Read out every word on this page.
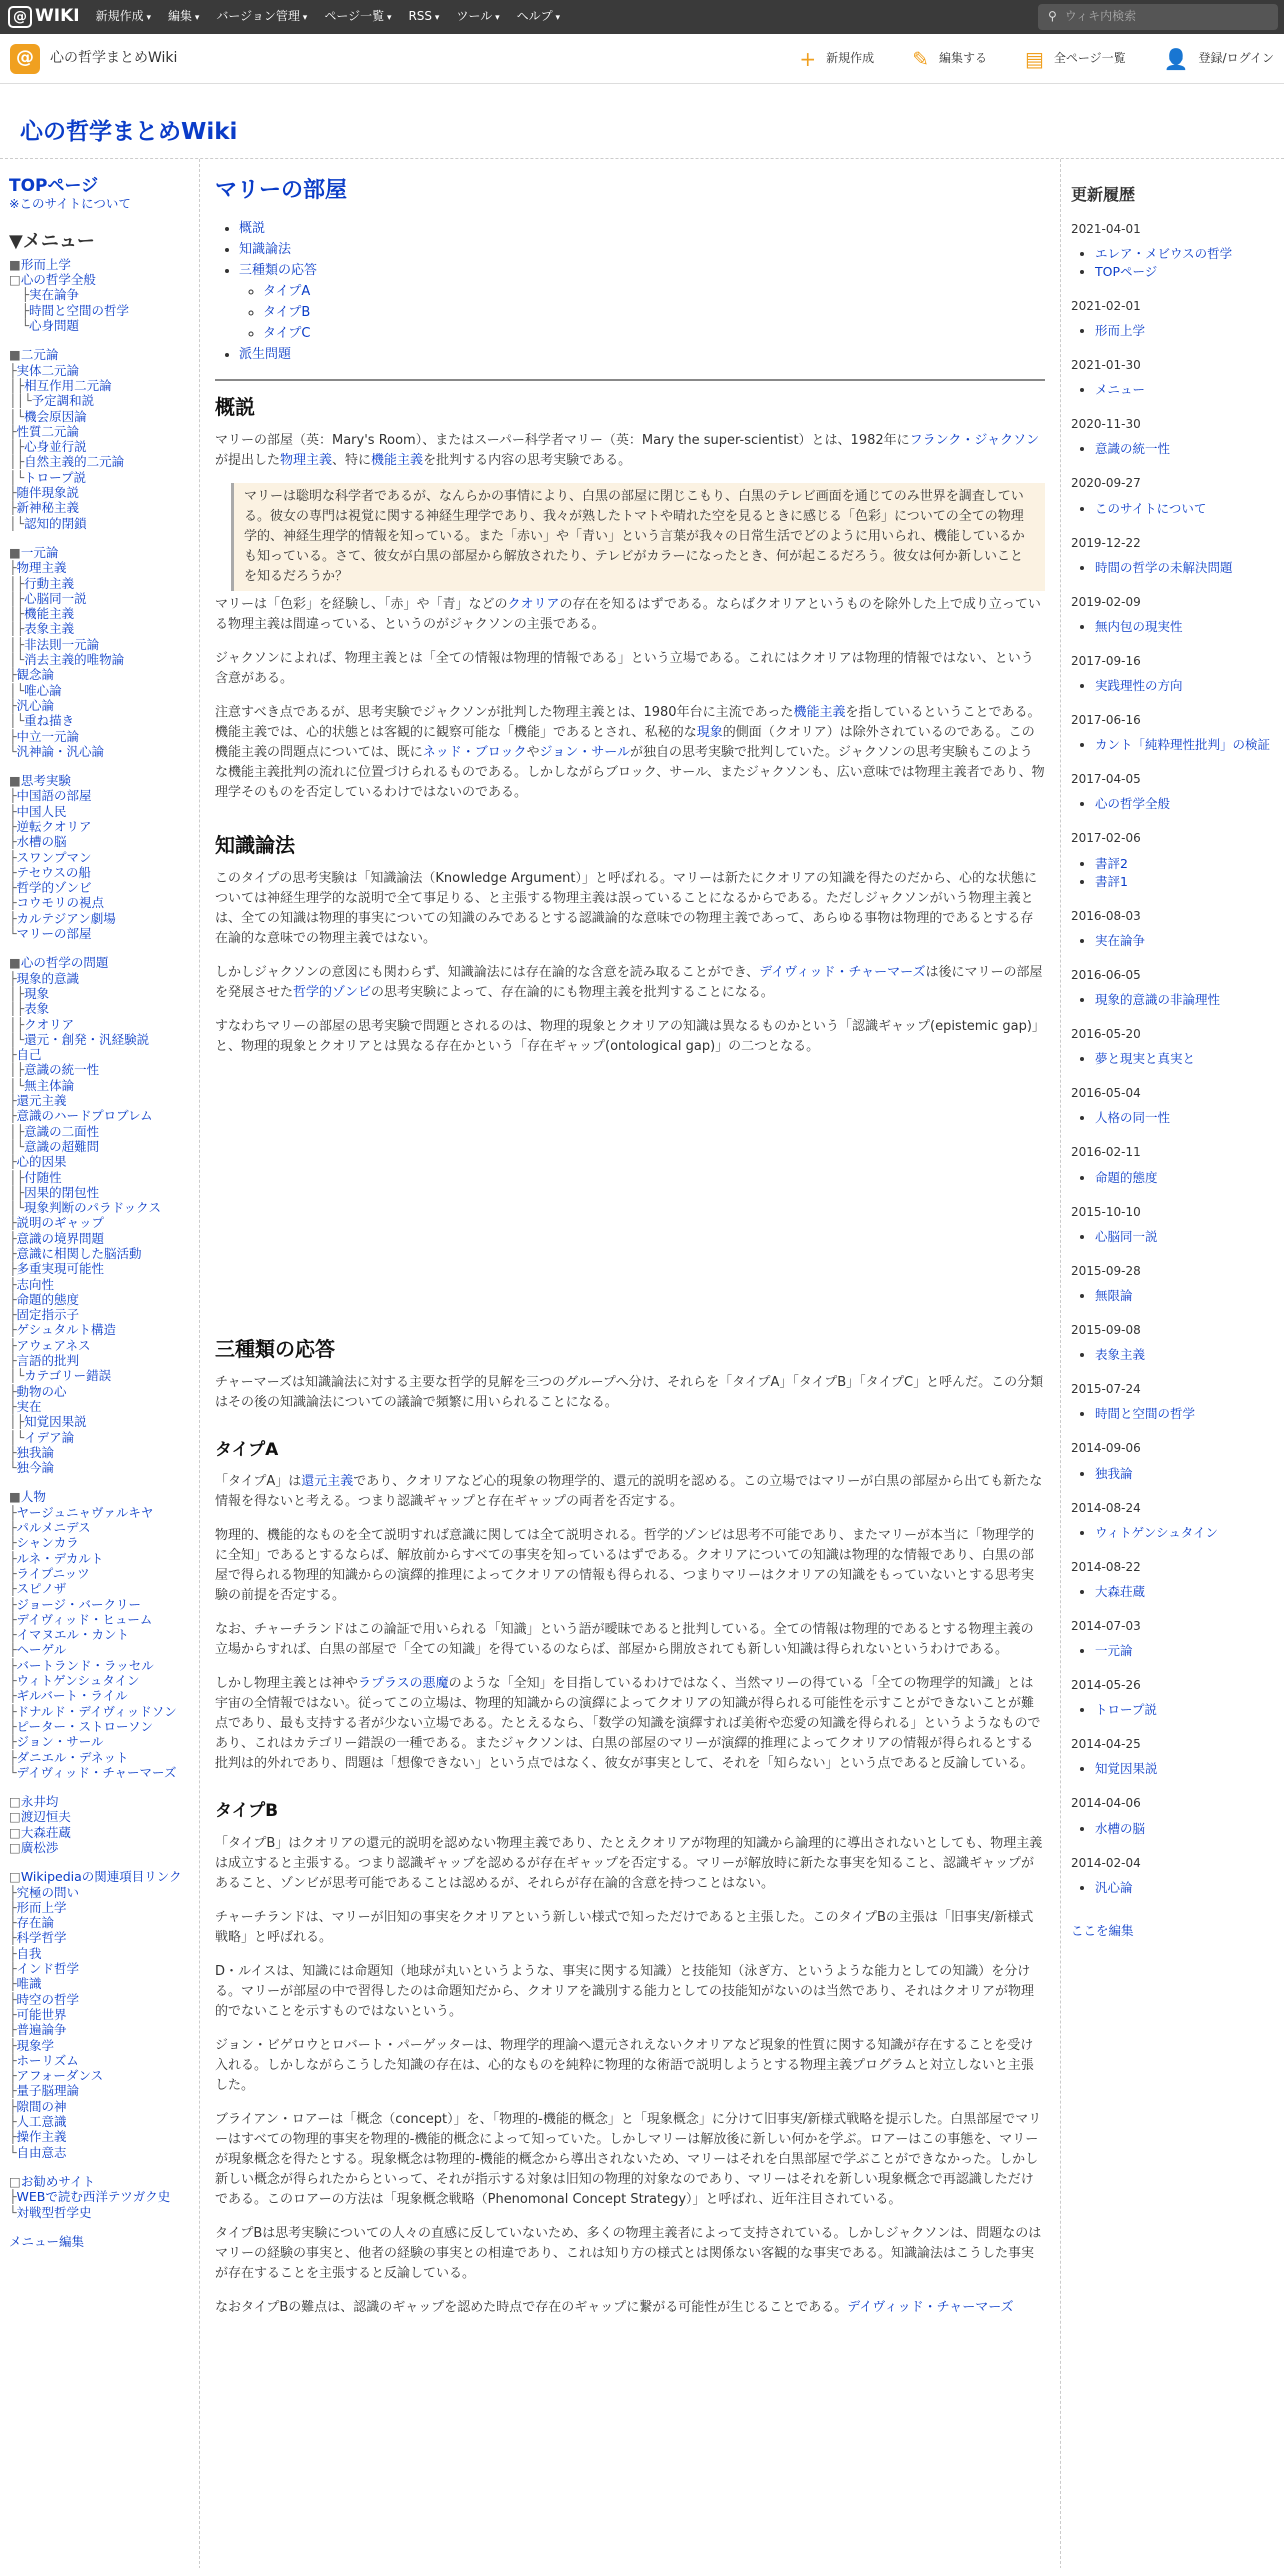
@ WIKI 新規作成 ▾	編集 ▾	バージョン管理 ▾	ページ一覧 ▾	RSS ▾	ツール ▾	ヘルプ ▾	⚲ ウィキ内検索
@	心の哲学まとめWiki	+ 新規作成 ✎ 編集する ▤ 全ページ一覧 👤 登録/ログイン
心の哲学まとめWiki
TOPページ
※このサイトについて
▼メニュー
■形而上学
□心の哲学全般
　├実在論争
　├時間と空間の哲学
　└心身問題
■二元論
├実体二元論
│├相互作用二元論
││└予定調和説
│└機会原因論
├性質二元論
│├心身並行説
│├自然主義的二元論
│└トロープ説
├随伴現象説
├新神秘主義
│└認知的閉鎖
■一元論
├物理主義
│├行動主義
│├心脳同一説
│├機能主義
│├表象主義
│├非法則一元論
│└消去主義的唯物論
├観念論
│└唯心論
├汎心論
│└重ね描き
├中立一元論
└汎神論・汎心論
■思考実験
├中国語の部屋
├中国人民
├逆転クオリア
├水槽の脳
├スワンプマン
├テセウスの船
├哲学的ゾンビ
├コウモリの視点
├カルテジアン劇場
└マリーの部屋
■心の哲学の問題
├現象的意識
│├現象
│├表象
│├クオリア
│└還元・創発・汎経験説
├自己
│├意識の統一性
│└無主体論
├還元主義
├意識のハードプロブレム
│├意識の二面性
│└意識の超難問
├心的因果
│├付随性
│├因果的閉包性
│└現象判断のパラドックス
├説明のギャップ
├意識の境界問題
├意識に相関した脳活動
├多重実現可能性
├志向性
├命題的態度
├固定指示子
├ゲシュタルト構造
├アウェアネス
├言語的批判
│└カテゴリー錯誤
├動物の心
├実在
│├知覚因果説
│└イデア論
├独我論
└独今論
■人物
├ヤージュニャヴァルキヤ
├パルメニデス
├シャンカラ
├ルネ・デカルト
├ライプニッツ
├スピノザ
├ジョージ・バークリー
├デイヴィッド・ヒューム
├イマヌエル・カント
├ヘーゲル
├バートランド・ラッセル
├ウィトゲンシュタイン
├ギルバート・ライル
├ドナルド・デイヴィッドソン
├ピーター・ストローソン
├ジョン・サール
├ダニエル・デネット
└デイヴィッド・チャーマーズ
□永井均
□渡辺恒夫
□大森荘蔵
□廣松渉
□Wikipediaの関連項目リンク
├究極の問い
├形而上学
├存在論
├科学哲学
├自我
├インド哲学
├唯識
├時空の哲学
├可能世界
├普遍論争
├現象学
├ホーリズム
├アフォーダンス
├量子脳理論
├隙間の神
├人工意識
├操作主義
└自由意志
□お勧めサイト
├WEBで読む西洋テツガク史
└対戦型哲学史
メニュー編集
マリーの部屋
• 概説
• 知識論法
• 三種類の応答
◦ タイプA
◦ タイプB
◦ タイプC
• 派生問題
概説

マリーの部屋（英：Mary's Room）、またはスーパー科学者マリー（英：Mary the super-scientist）とは、1982年にフランク・ジャクソンが提出した物理主義、特に機能主義を批判する内容の思考実験である。

マリーは聡明な科学者であるが、なんらかの事情により、白黒の部屋に閉じこもり、白黒のテレビ画面を通じてのみ世界を調査している。彼女の専門は視覚に関する神経生理学であり、我々が熟したトマトや晴れた空を見るときに感じる「色彩」についての全ての物理学的、神経生理学的情報を知っている。また「赤い」や「青い」という言葉が我々の日常生活でどのように用いられ、機能しているかも知っている。さて、彼女が白黒の部屋から解放されたり、テレビがカラーになったとき、何が起こるだろう。彼女は何か新しいことを知るだろうか？

マリーは「色彩」を経験し、「赤」や「青」などのクオリアの存在を知るはずである。ならばクオリアというものを除外した上で成り立っている物理主義は間違っている、というのがジャクソンの主張である。

ジャクソンによれば、物理主義とは「全ての情報は物理的情報である」という立場である。これにはクオリアは物理的情報ではない、という含意がある。

注意すべき点であるが、思考実験でジャクソンが批判した物理主義とは、1980年台に主流であった機能主義を指しているということである。機能主義では、心的状態とは客観的に観察可能な「機能」であるとされ、私秘的な現象的側面（クオリア）は除外されているのである。この機能主義の問題点については、既にネッド・ブロックやジョン・サールが独自の思考実験で批判していた。ジャクソンの思考実験もこのような機能主義批判の流れに位置づけられるものである。しかしながらブロック、サール、またジャクソンも、広い意味では物理主義者であり、物理学そのものを否定しているわけではないのである。

知識論法

このタイプの思考実験は「知識論法（Knowledge Argument）」と呼ばれる。マリーは新たにクオリアの知識を得たのだから、心的な状態については神経生理学的な説明で全て事足りる、と主張する物理主義は誤っていることになるからである。ただしジャクソンがいう物理主義とは、全ての知識は物理的事実についての知識のみであるとする認識論的な意味での物理主義であって、あらゆる事物は物理的であるとする存在論的な意味での物理主義ではない。

しかしジャクソンの意図にも関わらず、知識論法には存在論的な含意を読み取ることができ、デイヴィッド・チャーマーズは後にマリーの部屋を発展させた哲学的ゾンビの思考実験によって、存在論的にも物理主義を批判することになる。

すなわちマリーの部屋の思考実験で問題とされるのは、物理的現象とクオリアの知識は異なるものかという「認識ギャップ(epistemic gap)」と、物理的現象とクオリアとは異なる存在かという「存在ギャップ(ontological gap)」の二つとなる。

三種類の応答

チャーマーズは知識論法に対する主要な哲学的見解を三つのグループへ分け、それらを「タイプA」「タイプB」「タイプC」と呼んだ。この分類はその後の知識論法についての議論で頻繁に用いられることになる。

タイプA

「タイプA」は還元主義であり、クオリアなど心的現象の物理学的、還元的説明を認める。この立場ではマリーが白黒の部屋から出ても新たな情報を得ないと考える。つまり認識ギャップと存在ギャップの両者を否定する。

物理的、機能的なものを全て説明すれば意識に関しては全て説明される。哲学的ゾンビは思考不可能であり、またマリーが本当に「物理学的に全知」であるとするならば、解放前からすべての事実を知っているはずである。クオリアについての知識は物理的な情報であり、白黒の部屋で得られる物理的知識からの演繹的推理によってクオリアの情報も得られる、つまりマリーはクオリアの知識をもっていないとする思考実験の前提を否定する。

なお、チャーチランドはこの論証で用いられる「知識」という語が曖昧であると批判している。全ての情報は物理的であるとする物理主義の立場からすれば、白黒の部屋で「全ての知識」を得ているのならば、部屋から開放されても新しい知識は得られないというわけである。

しかし物理主義とは神やラプラスの悪魔のような「全知」を目指しているわけではなく、当然マリーの得ている「全ての物理学的知識」とは宇宙の全情報ではない。従ってこの立場は、物理的知識からの演繹によってクオリアの知識が得られる可能性を示すことができないことが難点であり、最も支持する者が少ない立場である。たとえるなら、「数学の知識を演繹すれば美術や恋愛の知識を得られる」というようなものであり、これはカテゴリー錯誤の一種である。またジャクソンは、白黒の部屋のマリーが演繹的推理によってクオリアの情報が得られるとする批判は的外れであり、問題は「想像できない」という点ではなく、彼女が事実として、それを「知らない」という点であると反論している。

タイプB

「タイプB」はクオリアの還元的説明を認めない物理主義であり、たとえクオリアが物理的知識から論理的に導出されないとしても、物理主義は成立すると主張する。つまり認識ギャップを認めるが存在ギャップを否定する。マリーが解放時に新たな事実を知ること、認識ギャップがあること、ゾンビが思考可能であることは認めるが、それらが存在論的含意を持つことはない。

チャーチランドは、マリーが旧知の事実をクオリアという新しい様式で知っただけであると主張した。このタイプBの主張は「旧事実/新様式戦略」と呼ばれる。

D・ルイスは、知識には命題知（地球が丸いというような、事実に関する知識）と技能知（泳ぎ方、というような能力としての知識）を分ける。マリーが部屋の中で習得したのは命題知だから、クオリアを識別する能力としての技能知がないのは当然であり、それはクオリアが物理的でないことを示すものではないという。

ジョン・ビゲロウとロバート・パーゲッターは、物理学的理論へ還元されえないクオリアなど現象的性質に関する知識が存在することを受け入れる。しかしながらこうした知識の存在は、心的なものを純粋に物理的な術語で説明しようとする物理主義プログラムと対立しないと主張した。

ブライアン・ロアーは「概念（concept）」を、「物理的-機能的概念」と「現象概念」に分けて旧事実/新様式戦略を提示した。白黒部屋でマリーはすべての物理的事実を物理的-機能的概念によって知っていた。しかしマリーは解放後に新しい何かを学ぶ。ロアーはこの事態を、マリーが現象概念を得たとする。現象概念は物理的-機能的概念から導出されないため、マリーはそれを白黒部屋で学ぶことができなかった。しかし新しい概念が得られたからといって、それが指示する対象は旧知の物理的対象なのであり、マリーはそれを新しい現象概念で再認識しただけである。このロアーの方法は「現象概念戦略（Phenomonal Concept Strategy）」と呼ばれ、近年注目されている。

タイプBは思考実験についての人々の直感に反していないため、多くの物理主義者によって支持されている。しかしジャクソンは、問題なのはマリーの経験の事実と、他者の経験の事実との相違であり、これは知り方の様式とは関係ない客観的な事実である。知識論法はこうした事実が存在することを主張すると反論している。

なおタイプBの難点は、認識のギャップを認めた時点で存在のギャップに繋がる可能性が生じることである。デイヴィッド・チャーマーズ

更新履歴
2021-04-01
• エレア・メビウスの哲学
• TOPページ
2021-02-01
• 形而上学
2021-01-30
• メニュー
2020-11-30
• 意識の統一性
2020-09-27
• このサイトについて
2019-12-22
• 時間の哲学の未解決問題
2019-02-09
• 無内包の現実性
2017-09-16
• 実践理性の方向
2017-06-16
• カント「純粋理性批判」の検証
2017-04-05
• 心の哲学全般
2017-02-06
• 書評2
• 書評1
2016-08-03
• 実在論争
2016-06-05
• 現象的意識の非論理性
2016-05-20
• 夢と現実と真実と
2016-05-04
• 人格の同一性
2016-02-11
• 命題的態度
2015-10-10
• 心脳同一説
2015-09-28
• 無限論
2015-09-08
• 表象主義
2015-07-24
• 時間と空間の哲学
2014-09-06
• 独我論
2014-08-24
• ウィトゲンシュタイン
2014-08-22
• 大森荘蔵
2014-07-03
• 一元論
2014-05-26
• トロープ説
2014-04-25
• 知覚因果説
2014-04-06
• 水槽の脳
2014-02-04
• 汎心論
ここを編集
